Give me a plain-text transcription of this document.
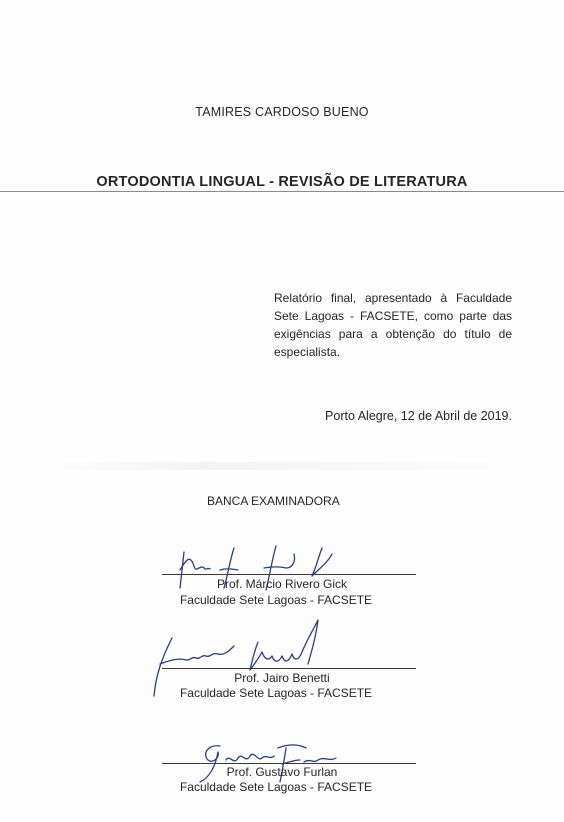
TAMIRES CARDOSO BUENO
ORTODONTIA LINGUAL - REVISÃO DE LITERATURA
Relatório final, apresentado à Faculdade Sete Lagoas - FACSETE, como parte das exigências para a obtenção do título de especialista.
Porto Alegre, 12 de Abril de 2019.
BANCA EXAMINADORA
Prof. Márcio Rivero Gick
Faculdade Sete Lagoas - FACSETE
Prof. Jairo Benetti
Faculdade Sete Lagoas - FACSETE
Prof. Gustavo Furlan
Faculdade Sete Lagoas - FACSETE
